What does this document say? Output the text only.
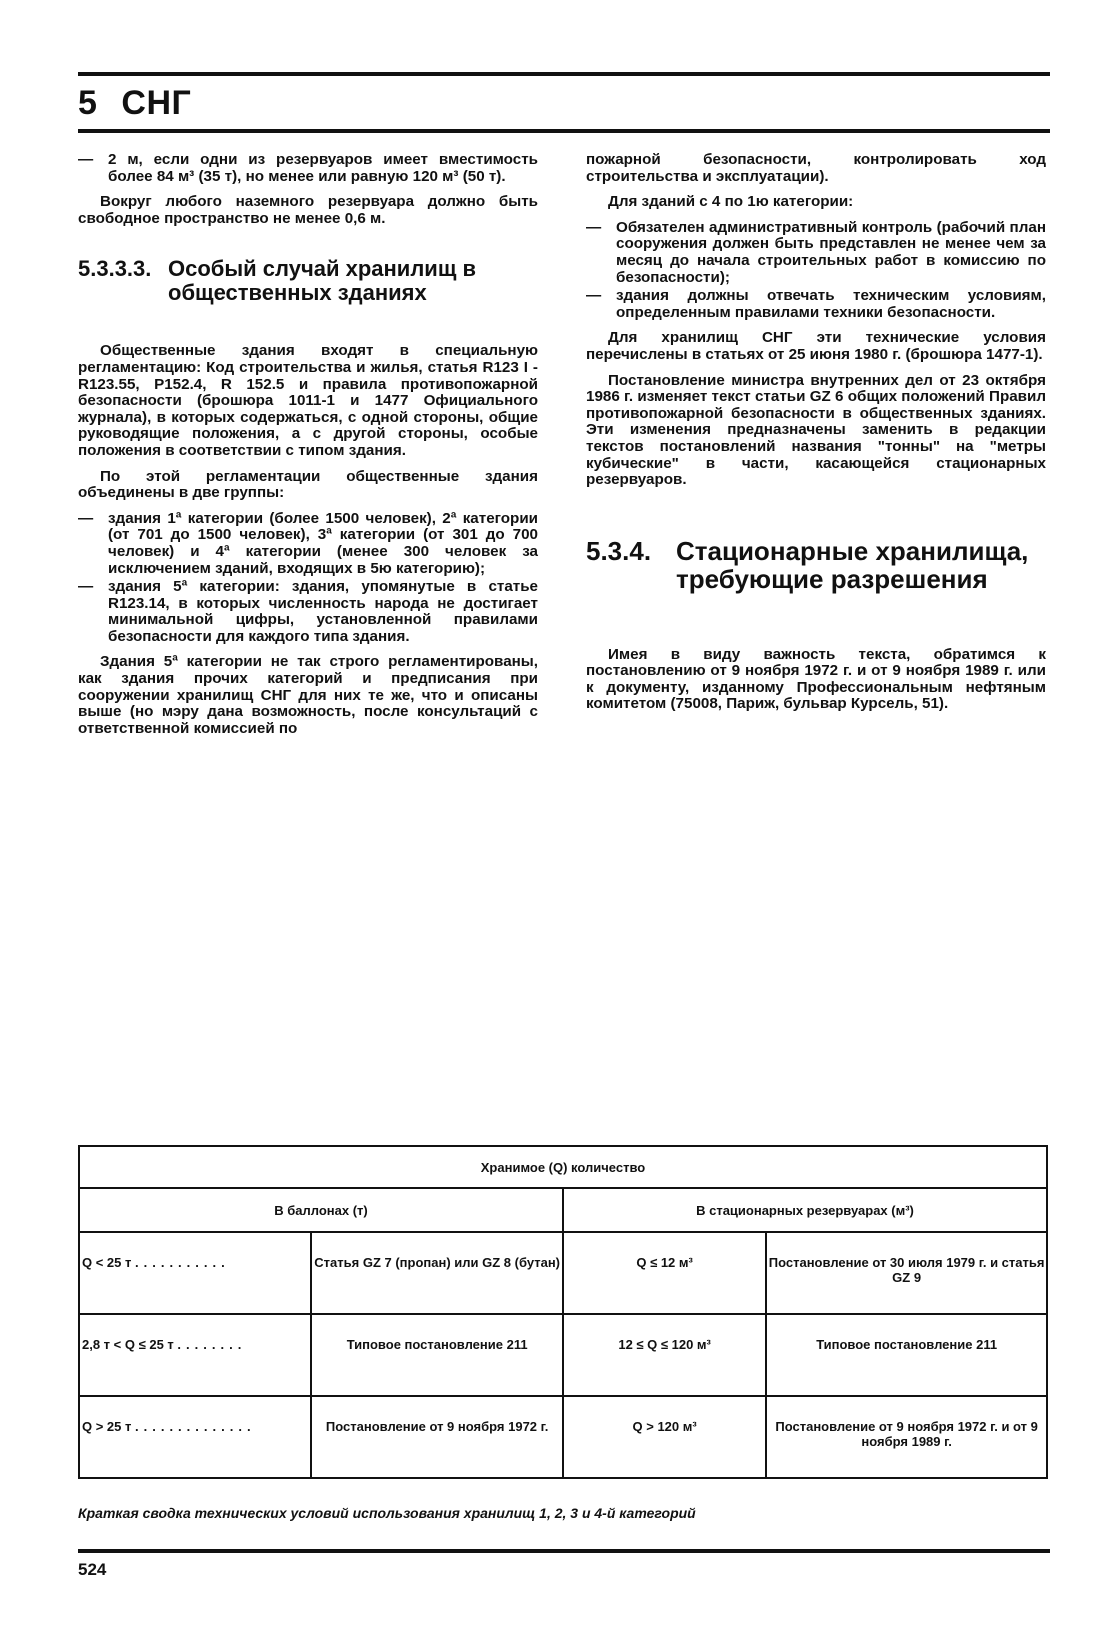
5 СНГ
— 2 м, если одни из резервуаров имеет вместимость более 84 м³ (35 т), но менее или равную 120 м³ (50 т).

Вокруг любого наземного резервуара должно быть свободное пространство не менее 0,6 м.

5.3.3.3. Особый случай хранилищ в общественных зданиях

Общественные здания входят в специальную регламентацию: Код строительства и жилья, статья R123 I - R123.55, P152.4, R 152.5 и правила противопожарной безопасности (брошюра 1011-1 и 1477 Официального журнала), в которых содержаться, с одной стороны, общие руководящие положения, а с другой стороны, особые положения в соответствии с типом здания.

По этой регламентации общественные здания объединены в две группы:

— здания 1ª категории (более 1500 человек), 2ª категории (от 701 до 1500 человек), 3ª категории (от 301 до 700 человек) и 4ª категории (менее 300 человек за исключением зданий, входящих в 5ю категорию);
— здания 5ª категории: здания, упомянутые в статье R123.14, в которых численность народа не достигает минимальной цифры, установленной правилами безопасности для каждого типа здания.

Здания 5ª категории не так строго регламентированы, как здания прочих категорий и предписания при сооружении хранилищ СНГ для них те же, что и описаны выше (но мэру дана возможность, после консультаций с ответственной комиссией по

пожарной безопасности, контролировать ход строительства и эксплуатации).

Для зданий с 4 по 1ю категории:

— Обязателен административный контроль (рабочий план сооружения должен быть представлен не менее чем за месяц до начала строительных работ в комиссию по безопасности);
— здания должны отвечать техническим условиям, определенным правилами техники безопасности.

Для хранилищ СНГ эти технические условия перечислены в статьях от 25 июня 1980 г. (брошюра 1477-1).

Постановление министра внутренних дел от 23 октября 1986 г. изменяет текст статьи GZ 6 общих положений Правил противопожарной безопасности в общественных зданиях. Эти изменения предназначены заменить в редакции текстов постановлений названия "тонны" на "метры кубические" в части, касающейся стационарных резервуаров.

5.3.4. Стационарные хранилища, требующие разрешения

Имея в виду важность текста, обратимся к постановлению от 9 ноября 1972 г. и от 9 ноября 1989 г. или к документу, изданному Профессиональным нефтяным комитетом (75008, Париж, бульвар Курсель, 51).

Хранимое (Q) количество			
В баллонах (т)		В стационарных резервуарах (м³)	
Q < 25 т ...........	Статья GZ 7 (пропан) или GZ 8 (бутан)	Q ≤ 12 м³	Постановление от 30 июля 1979 г. и статья GZ 9
2,8 т < Q ≤ 25 т ........	Типовое постановление 211	12 ≤ Q ≤ 120 м³	Типовое постановление 211
Q > 25 т ..............	Постановление от 9 ноября 1972 г.	Q > 120 м³	Постановление от 9 ноября 1972 г. и от 9 ноября 1989 г.
Краткая сводка технических условий использования хранилищ 1, 2, 3 и 4-й категорий
524
